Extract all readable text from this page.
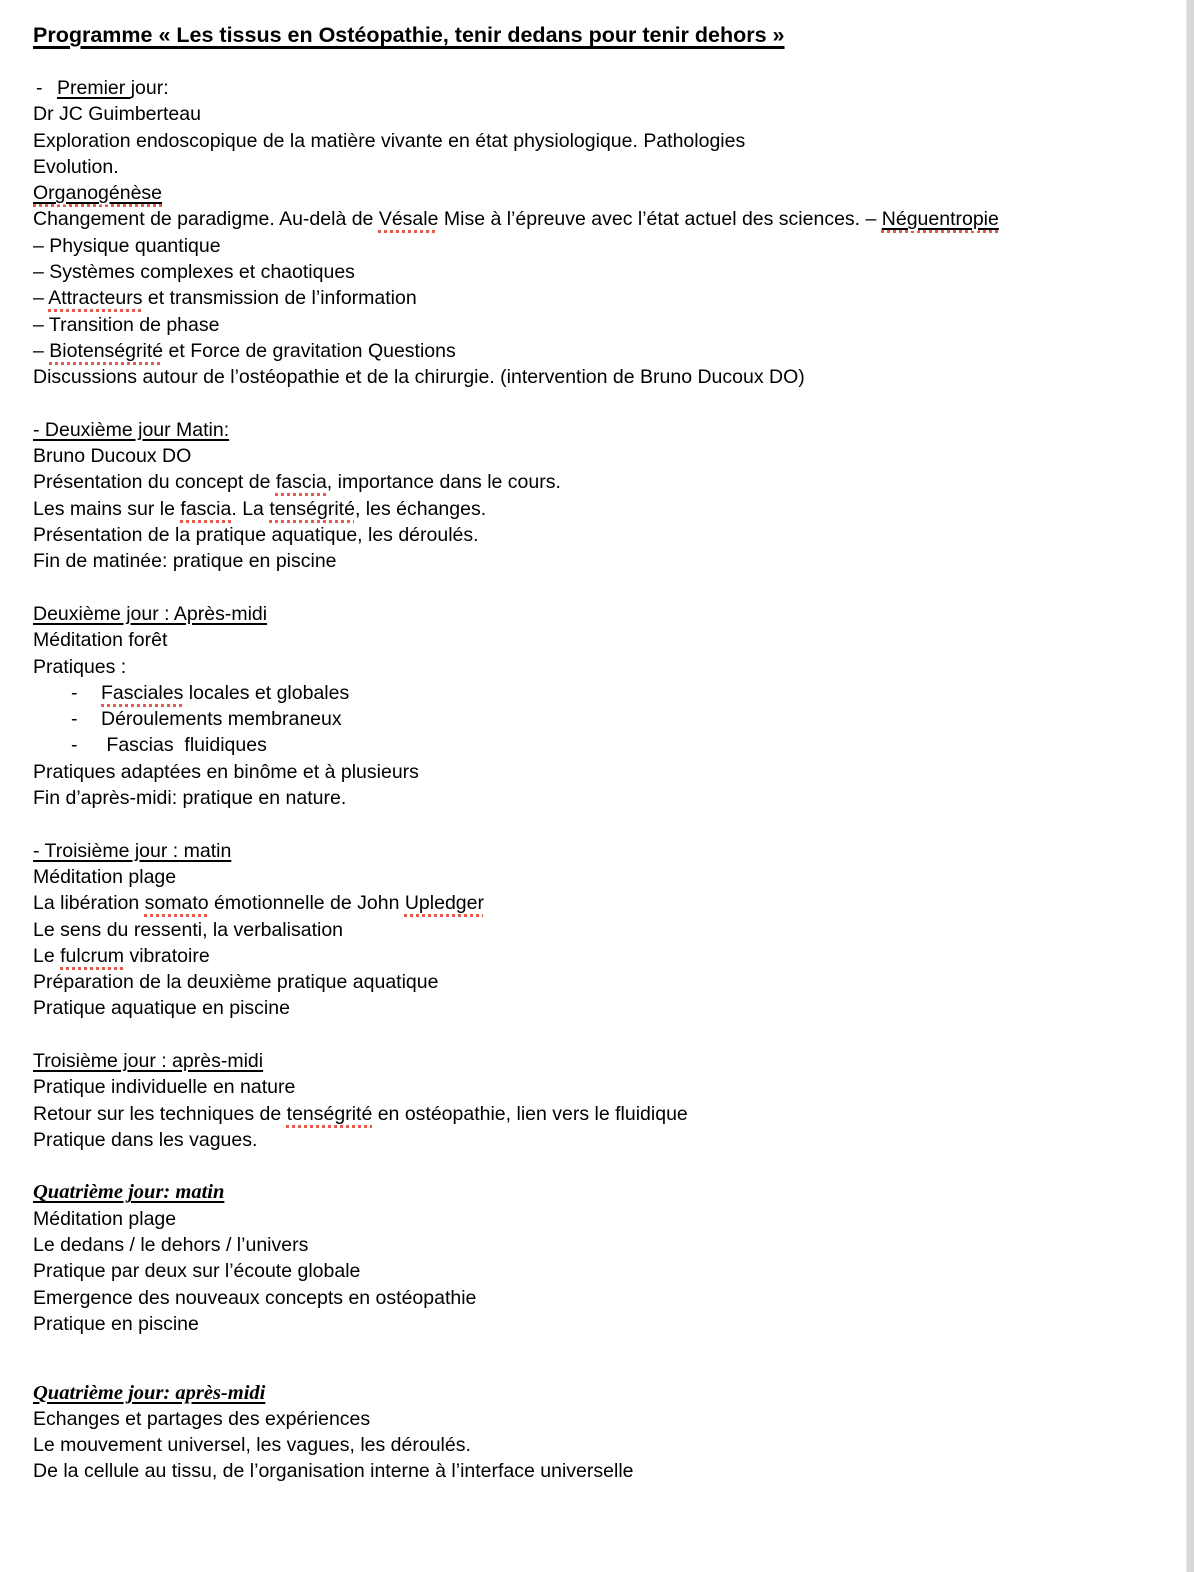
Programme « Les tissus en Ostéopathie, tenir dedans pour tenir dehors »
- Premier jour:
Dr JC Guimberteau
Exploration endoscopique de la matière vivante en état physiologique. Pathologies
Evolution.
Organogénèse
Changement de paradigme. Au-delà de Vésale Mise à l’épreuve avec l’état actuel des sciences. – Néguentropie
– Physique quantique
– Systèmes complexes et chaotiques
– Attracteurs et transmission de l’information
– Transition de phase
– Biotenségrité et Force de gravitation Questions
Discussions autour de l’ostéopathie et de la chirurgie. (intervention de Bruno Ducoux DO)
- Deuxième jour Matin:
Bruno Ducoux DO
Présentation du concept de fascia, importance dans le cours.
Les mains sur le fascia. La tenségrité, les échanges.
Présentation de la pratique aquatique, les déroulés.
Fin de matinée: pratique en piscine
Deuxième jour : Après-midi
Méditation forêt
Pratiques :
- Fasciales locales et globales
- Déroulements membraneux
- Fascias  fluidiques
Pratiques adaptées en binôme et à plusieurs
Fin d’après-midi: pratique en nature.
- Troisième jour : matin
Méditation plage
La libération somato émotionnelle de John Upledger
Le sens du ressenti, la verbalisation
Le fulcrum vibratoire
Préparation de la deuxième pratique aquatique
Pratique aquatique en piscine
Troisième jour : après-midi
Pratique individuelle en nature
Retour sur les techniques de tenségrité en ostéopathie, lien vers le fluidique
Pratique dans les vagues.
Quatrième jour: matin
Méditation plage
Le dedans / le dehors / l’univers
Pratique par deux sur l’écoute globale
Emergence des nouveaux concepts en ostéopathie
Pratique en piscine
Quatrième jour: après-midi
Echanges et partages des expériences
Le mouvement universel, les vagues, les déroulés.
De la cellule au tissu, de l’organisation interne à l’interface universelle
